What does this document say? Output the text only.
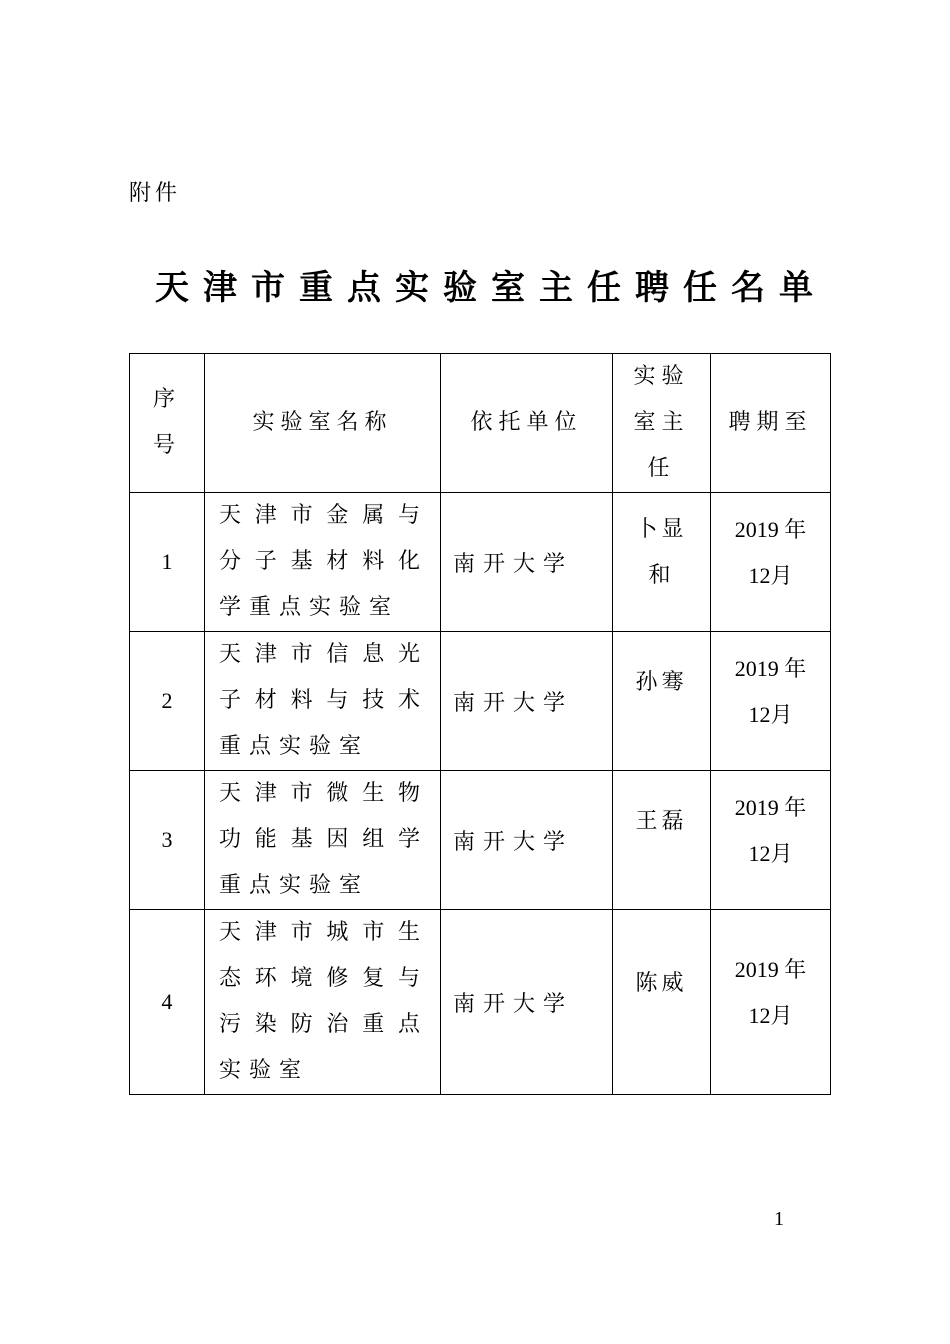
附件
天津市重点实验室主任聘任名单
序号	实验室名称	依托单位	实验室主任	聘期至
1	天津市金属与
分子基材料化
学重点实验室	南开大学	卜显和	2019 年 12月
2	天津市信息光
子材料与技术
重点实验室	南开大学	孙骞	2019 年 12月
3	天津市微生物
功能基因组学
重点实验室	南开大学	王磊	2019 年 12月
4	天津市城市生
态环境修复与
污染防治重点
实验室	南开大学	陈威	2019 年 12月
1
